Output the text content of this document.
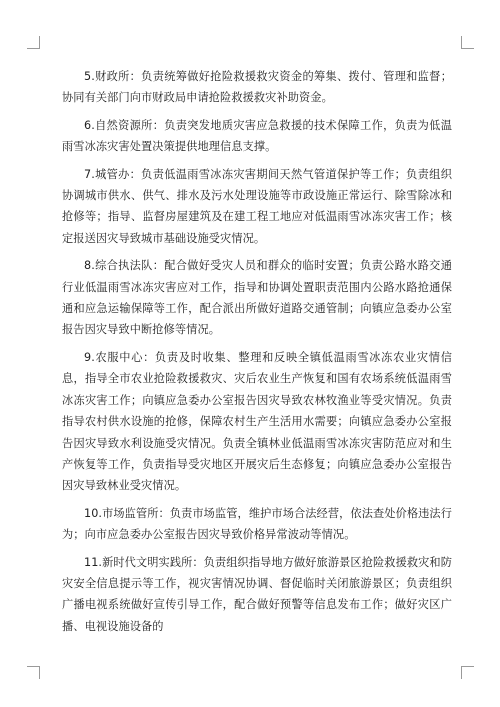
5.财政所：负责统筹做好抢险救援救灾资金的筹集、拨付、管理和监督；协同有关部门向市财政局申请抢险救援救灾补助资金。

6.自然资源所：负责突发地质灾害应急救援的技术保障工作，负责为低温雨雪冰冻灾害处置决策提供地理信息支撑。

7.城管办：负责低温雨雪冰冻灾害期间天然气管道保护等工作；负责组织协调城市供水、供气、排水及污水处理设施等市政设施正常运行、除雪除冰和抢修等；指导、监督房屋建筑及在建工程工地应对低温雨雪冰冻灾害工作；核定报送因灾导致城市基础设施受灾情况。

8.综合执法队：配合做好受灾人员和群众的临时安置；负责公路水路交通行业低温雨雪冰冻灾害应对工作，指导和协调处置职责范围内公路水路抢通保通和应急运输保障等工作，配合派出所做好道路交通管制；向镇应急委办公室报告因灾导致中断抢修等情况。

9.农服中心：负责及时收集、整理和反映全镇低温雨雪冰冻农业灾情信息，指导全市农业抢险救援救灾、灾后农业生产恢复和国有农场系统低温雨雪冰冻灾害工作；向镇应急委办公室报告因灾导致农林牧渔业等受灾情况。负责指导农村供水设施的抢修，保障农村生产生活用水需要；向镇应急委办公室报告因灾导致水利设施受灾情况。负责全镇林业低温雨雪冰冻灾害防范应对和生产恢复等工作，负责指导受灾地区开展灾后生态修复；向镇应急委办公室报告因灾导致林业受灾情况。

10.市场监管所：负责市场监管，维护市场合法经营，依法查处价格违法行为；向市应急委办公室报告因灾导致价格异常波动等情况。

11.新时代文明实践所：负责组织指导地方做好旅游景区抢险救援救灾和防灾安全信息提示等工作，视灾害情况协调、督促临时关闭旅游景区；负责组织广播电视系统做好宣传引导工作，配合做好预警等信息发布工作；做好灾区广播、电视设施设备的
